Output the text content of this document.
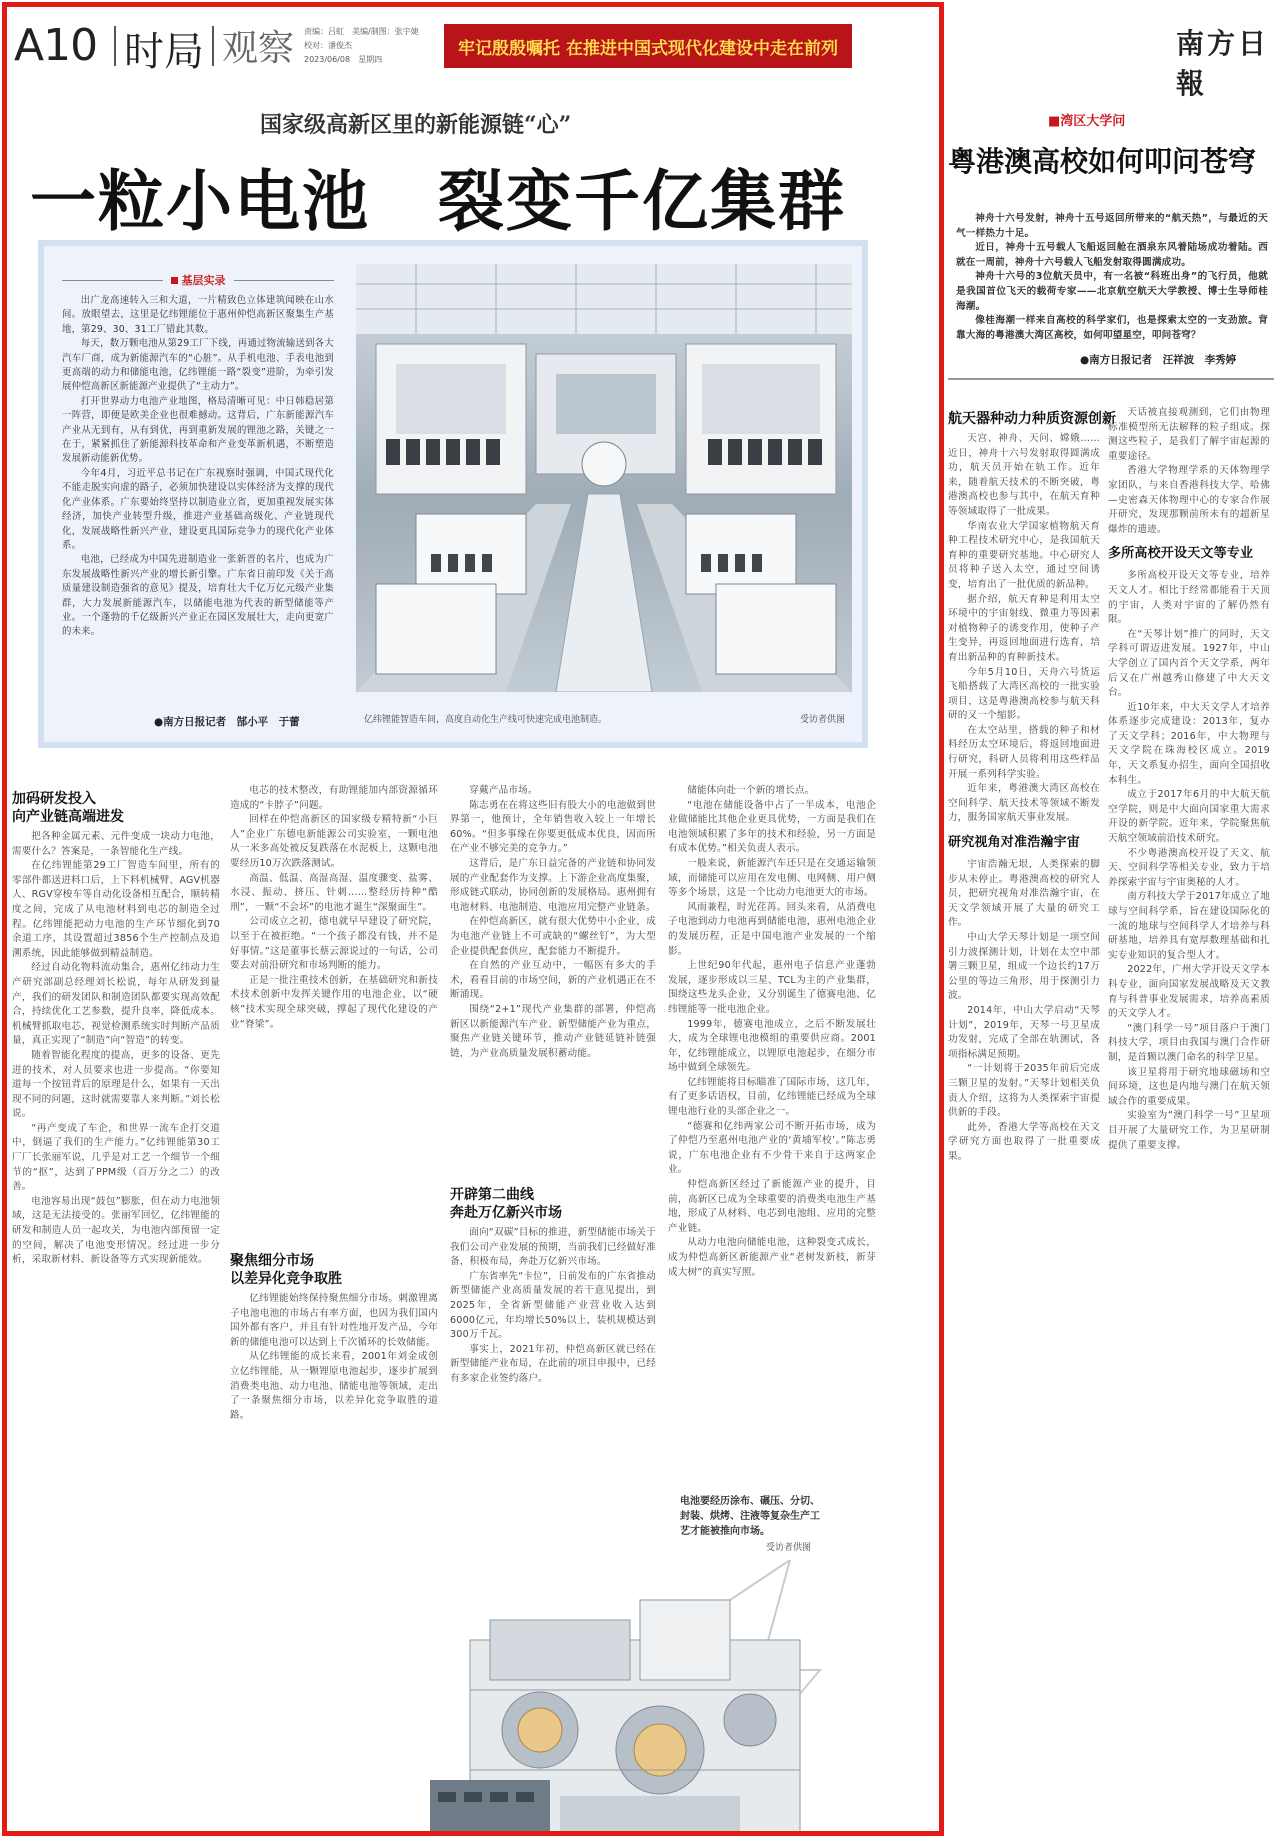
南方日報
■湾区大学问
粤港澳高校如何叩问苍穹

神舟十六号发射，神舟十五号返回所带来的“航天热”，与最近的天气一样热力十足。

近日，神舟十五号载人飞船返回舱在酒泉东风着陆场成功着陆。西就在一周前，神舟十六号载人飞船发射取得圆满成功。

神舟十六号的3位航天员中，有一名被“科班出身”的飞行员，他就是我国首位飞天的载荷专家——北京航空航天大学教授、博士生导师桂海潮。

像桂海潮一样来自高校的科学家们，也是探索太空的一支劲旅。背靠大海的粤港澳大湾区高校，如何叩望星空，叩问苍穹？

●南方日报记者　汪祥波　李秀婷
航天器种动力种质资源创新

天宫、神舟、天问、嫦娥……近日，神舟十六号发射取得圆满成功，航天员开始在轨工作。近年来，随着航天技术的不断突破，粤港澳高校也参与其中，在航天育种等领域取得了一批成果。

华南农业大学国家植物航天育种工程技术研究中心，是我国航天育种的重要研究基地。中心研究人员将种子送入太空，通过空间诱变，培育出了一批优质的新品种。

据介绍，航天育种是利用太空环境中的宇宙射线、微重力等因素对植物种子的诱变作用，使种子产生变异，再返回地面进行选育，培育出新品种的育种新技术。

今年5月10日，天舟六号货运飞船搭载了大湾区高校的一批实验项目，这是粤港澳高校参与航天科研的又一个缩影。

在太空站里，搭载的种子和材料经历太空环境后，将返回地面进行研究，科研人员将利用这些样品开展一系列科学实验。

近年来，粤港澳大湾区高校在空间科学、航天技术等领域不断发力，服务国家航天事业发展。

研究视角对准浩瀚宇宙

宇宙浩瀚无垠，人类探索的脚步从未停止。粤港澳高校的研究人员，把研究视角对准浩瀚宇宙，在天文学领域开展了大量的研究工作。

中山大学天琴计划是一项空间引力波探测计划，计划在太空中部署三颗卫星，组成一个边长约17万公里的等边三角形，用于探测引力波。

2014年，中山大学启动“天琴计划”，2019年，天琴一号卫星成功发射，完成了全部在轨测试，各项指标满足预期。

“一计划将于2035年前后完成三颗卫星的发射。”天琴计划相关负责人介绍，这将为人类探索宇宙提供新的手段。

此外，香港大学等高校在天文学研究方面也取得了一批重要成果。

天话被直接观测到，它们由物理标准模型所无法解释的粒子组成。探测这些粒子，是我们了解宇宙起源的重要途径。

香港大学物理学系的天体物理学家团队，与来自香港科技大学、哈佛—史密森天体物理中心的专家合作展开研究，发现那颗前所未有的超新星爆炸的遗迹。

多所高校开设天文等专业

多所高校开设天文等专业，培养天文人才。相比于经常都能看于天顶的宇宙，人类对宇宙的了解仍然有限。

在“天琴计划”推广的同时，天文学科可谓迈进发展。1927年，中山大学创立了国内首个天文学系，两年后又在广州越秀山修建了中大天文台。

近10年来，中大天文学人才培养体系逐步完成建设：2013年，复办了天文学科；2016年，中大物理与天文学院在珠海校区成立。2019年，天文系复办招生，面向全国招收本科生。

成立于2017年6月的中大航天航空学院，则是中大面向国家重大需求开设的新学院。近年来，学院聚焦航天航空领域前沿技术研究。

不少粤港澳高校开设了天文、航天、空间科学等相关专业，致力于培养探索宇宙与宇宙奥秘的人才。

南方科技大学于2017年成立了地球与空间科学系，旨在建设国际化的一流的地球与空间科学人才培养与科研基地，培养具有宽厚数理基础和扎实专业知识的复合型人才。

2022年，广州大学开设天文学本科专业，面向国家发展战略及天文教育与科普事业发展需求，培养高素质的天文学人才。

“澳门科学一号”项目落户于澳门科技大学，项目由我国与澳门合作研制，是首颗以澳门命名的科学卫星。

该卫星将用于研究地球磁场和空间环境，这也是内地与澳门在航天领域合作的重要成果。

实验室为“澳门科学一号”卫星项目开展了大量研究工作，为卫星研制提供了重要支撑。

A10 时局 观察 责编：吕虹　美编/制图：张宇婕
校对：潘俊杰
2023/06/08　星期四
牢记殷殷嘱托 在推进中国式现代化建设中走在前列
国家级高新区里的新能源链“心”
一粒小电池　裂变千亿集群
基层实录

出广龙高速转入三和大道，一片精致色立体建筑闻映在山水间。放眼望去，这里是亿纬锂能位于惠州仲恺高新区聚集生产基地，第29、30、31工厂错此其数。

每天，数万颗电池从第29工厂下线，再通过物流输送到各大汽车厂商，成为新能源汽车的“心脏”。从手机电池、手表电池到更高端的动力和储能电池，亿纬锂能一路“裂变”进阶，为牵引发展仲恺高新区新能源产业提供了“主动力”。

打开世界动力电池产业地图，格局清晰可见：中日韩稳居第一阵营，即便是欧美企业也很难撼动。这背后，广东新能源汽车产业从无到有，从有到优，再到重新发展的锂池之路，关键之一在于，紧紧抓住了新能源科技革命和产业变革新机遇，不断塑造发展新动能新优势。

今年4月，习近平总书记在广东视察时强调，中国式现代化不能走脱实向虚的路子，必须加快建设以实体经济为支撑的现代化产业体系。广东要始终坚持以制造业立省，更加重视发展实体经济，加快产业转型升级，推进产业基础高级化、产业链现代化，发展战略性新兴产业，建设更具国际竞争力的现代化产业体系。

电池，已经成为中国先进制造业一张新晋的名片，也成为广东发展战略性新兴产业的增长新引擎。广东省日前印发《关于高质量建设制造强省的意见》提及，培育壮大千亿万亿元级产业集群，大力发展新能源汽车，以储能电池为代表的新型储能等产业。一个蓬勃的千亿级新兴产业正在园区发展壮大，走向更宽广的未来。

●南方日报记者　郜小平　于蕾	亿纬锂能智造车间，高度自动化生产线可快速完成电池制造。	受访者供图
加码研发投入
向产业链高端进发

把各种金属元素、元件变成一块动力电池，需要什么？答案是，一条智能化生产线。

在亿纬锂能第29工厂智造车间里，所有的零部件都送进料口后，上下料机械臂、AGV机器人、RGV穿梭车等自动化设备相互配合，顺转精度之间，完成了从电池材料到电芯的制造全过程。亿纬锂能把动力电池的生产环节细化到70余道工序，其设置超过3856个生产控制点及追溯系统，因此能够做到精益制造。

经过自动化物料流动集合，惠州亿纬动力生产研究部副总经理刘长松说，每年从研发到量产，我们的研发团队和制造团队都要实现高效配合，持续优化工艺参数，提升良率，降低成本。机械臂抓取电芯，视觉检测系统实时判断产品质量，真正实现了“制造”向“智造”的转变。

随着智能化程度的提高，更多的设备、更先进的技术，对人员要求也进一步提高。“你要知道每一个按钮背后的原理是什么，如果有一天出现不同的问题，这时就需要靠人来判断。”刘长松说。

“再产变成了车企，和世界一流车企打交道中，倒逼了我们的生产能力。”亿纬锂能第30工厂厂长张丽军说，几乎是对工艺一个细节一个细节的“抠”，达到了PPM级（百万分之二）的改善。

电池容易出现“鼓包”膨胀，但在动力电池领域，这是无法接受的。张丽军回忆，亿纬锂能的研发和制造人员一起攻关，为电池内部预留一定的空间，解决了电池变形情况。经过进一步分析，采取新材料、新设备等方式实现新能效。

电芯的技术整改，有助锂能加内部资源循环造成的“卡脖子”问题。

回样在仲恺高新区的国家级专精特新“小巨人”企业广东德电新能源公司实验室，一颗电池从一米多高处被反复跌落在水泥板上，这颗电池要经历10万次跌落测试。

高温、低温、高湿高湿、温度骤变、盐雾、水浸、振动、挤压、针刺……整经历持种“酷刑”，一颗“不会坏”的电池才诞生“深聚面生”。

公司成立之初，德电就早早建设了研究院，以至于在被拒绝。“一个孩子都没有钱，并不是好事情。”这是董事长蔡云源说过的一句话，公司要去对前沿研究和市场判断的能力。

正是一批注重技术创新，在基础研究和新技术技术创新中发挥关键作用的电池企业，以“硬核”技术实现全球突破，撑起了现代化建设的产业“脊梁”。

聚焦细分市场
以差异化竞争取胜

亿纬锂能始终保持聚焦细分市场。刺激锂离子电池电池的市场占有率方面，也因为我们国内国外都有客户，并且有针对性地开发产品，今年新的储能电池可以达到上千次循环的长效储能。

从亿纬锂能的成长来看，2001年刘金成创立亿纬锂能，从一颗锂原电池起步，逐步扩展到消费类电池、动力电池、储能电池等领域，走出了一条聚焦细分市场，以差异化竞争取胜的道路。

穿戴产品市场。

陈志勇在在将这些旧有股大小的电池做到世界第一，他预计，全年销售收入较上一年增长60%。“但多事缘在你要更低成本优良，因而所在产业不够完美的竞争力。”

这背后，是广东日益完备的产业链和协同发展的产业配套作为支撑。上下游企业高度集聚，形成链式联动，协同创新的发展格局。惠州拥有电池材料、电池制造、电池应用完整产业链条。

在仲恺高新区，就有很大优势中小企业，成为电池产业链上不可或缺的“螺丝钉”，为大型企业提供配套供应，配套能力不断提升。

在自然的产业互动中，一幅医有多大的手术，看看目前的市场空间，新的产业机遇正在不断涌现。

围绕“2+1”现代产业集群的部署，仲恺高新区以新能源汽车产业、新型储能产业为重点，聚焦产业链关键环节，推动产业链延链补链强链，为产业高质量发展积蓄动能。

开辟第二曲线
奔赴万亿新兴市场

面向“双碳”目标的推进，新型储能市场关于我们公司产业发展的预期，当前我们已经做好准备，积极布局，奔赴万亿新兴市场。

广东省率先“卡位”，日前发布的广东省推动新型储能产业高质量发展的若干意见提出，到2025年，全省新型储能产业营业收入达到6000亿元，年均增长50%以上，装机规模达到300万千瓦。

事实上，2021年初，仲恺高新区就已经在新型储能产业布局，在此前的项目申报中，已经有多家企业签约落户。

储能体向赴一个新的增长点。

“电池在储能设备中占了一半成本，电池企业做储能比其他企业更具优势，一方面是我们在电池领域积累了多年的技术和经验，另一方面是有成本优势。”相关负责人表示。

一般来说，新能源汽车还只是在交通运输领域，而储能可以应用在发电侧、电网侧、用户侧等多个场景，这是一个比动力电池更大的市场。

风雨兼程，时光荏苒。回头来看，从消费电子电池到动力电池再到储能电池，惠州电池企业的发展历程，正是中国电池产业发展的一个缩影。

上世纪90年代起，惠州电子信息产业蓬勃发展，逐步形成以三星、TCL为主的产业集群，围绕这些龙头企业，又分别诞生了德赛电池、亿纬锂能等一批电池企业。

1999年，德赛电池成立，之后不断发展壮大，成为全球锂电池模组的重要供应商。2001年，亿纬锂能成立，以锂原电池起步，在细分市场中做到全球领先。

亿纬锂能将目标瞄准了国际市场，这几年，有了更多话语权，目前，亿纬锂能已经成为全球锂电池行业的头部企业之一。

“德赛和亿纬两家公司不断开拓市场，成为了仲恺乃至惠州电池产业的‘黄埔军校’。”陈志勇说，广东电池企业有不少骨干来自于这两家企业。

仲恺高新区经过了新能源产业的提升，目前，高新区已成为全球重要的消费类电池生产基地，形成了从材料、电芯到电池组、应用的完整产业链。

从动力电池向储能电池，这种裂变式成长，成为仲恺高新区新能源产业“老树发新枝，新芽成大树”的真实写照。

电池要经历涂布、碾压、分切、封装、烘烤、注液等复杂生产工艺才能被推向市场。
受访者供图
